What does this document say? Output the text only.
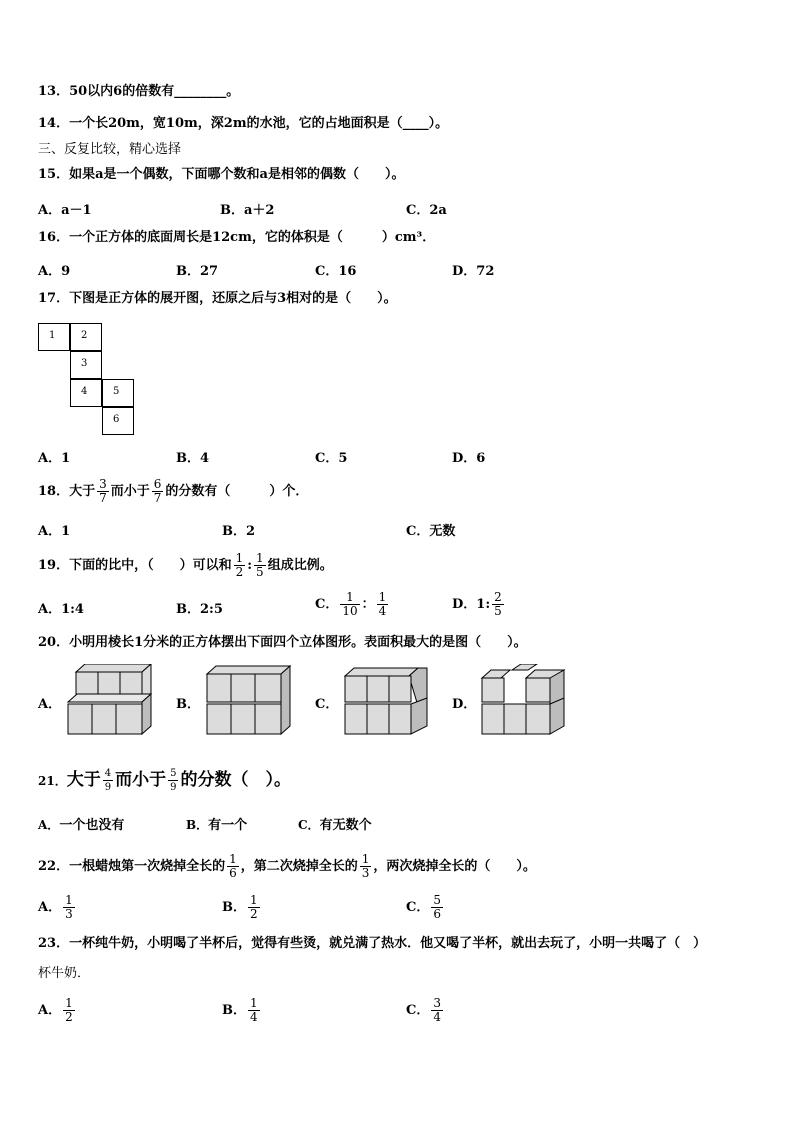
13．50以内6的倍数有________。
14．一个长20m，宽10m，深2m的水池，它的占地面积是（____）。
三、反复比较，精心选择
15．如果a是一个偶数，下面哪个数和a是相邻的偶数（　　）。
A．a－1	B．a＋2	C．2a
16．一个正方体的底面周长是12cm，它的体积是（　　　）cm³．
A．9	B．27	C．16	D．72
17．下图是正方体的展开图，还原之后与3相对的是（　　）。
1	2
3
4	5
6
A．1	B．4	C．5	D．6
18．大于 $\frac{3}{7}$ 而小于 $\frac{6}{7}$ 的分数有（　　　）个．
A．1	B．2	C．无数
19．下面的比中，（　　）可以和 $\frac{1}{2}$ : $\frac{1}{5}$ 组成比例。
A．1:4	B．2:5	C． $\frac{1}{10}$ ： $\frac{1}{4}$	D．1: $\frac{2}{5}$
20．小明用棱长1分米的正方体摆出下面四个立体图形。表面积最大的是图（　　）。
A．	B．	C．	D．
21．大于 $\frac{4}{9}$ 而小于 $\frac{5}{9}$ 的分数（　）。
A．一个也没有	B．有一个	C．有无数个
22．一根蜡烛第一次烧掉全长的 $\frac{1}{6}$ ，第二次烧掉全长的 $\frac{1}{3}$ ，两次烧掉全长的（　　）。
A． $\frac{1}{3}$	B． $\frac{1}{2}$	C． $\frac{5}{6}$
23．一杯纯牛奶，小明喝了半杯后，觉得有些烫，就兑满了热水．他又喝了半杯，就出去玩了，小明一共喝了（　）
杯牛奶．
A． $\frac{1}{2}$	B． $\frac{1}{4}$	C． $\frac{3}{4}$
